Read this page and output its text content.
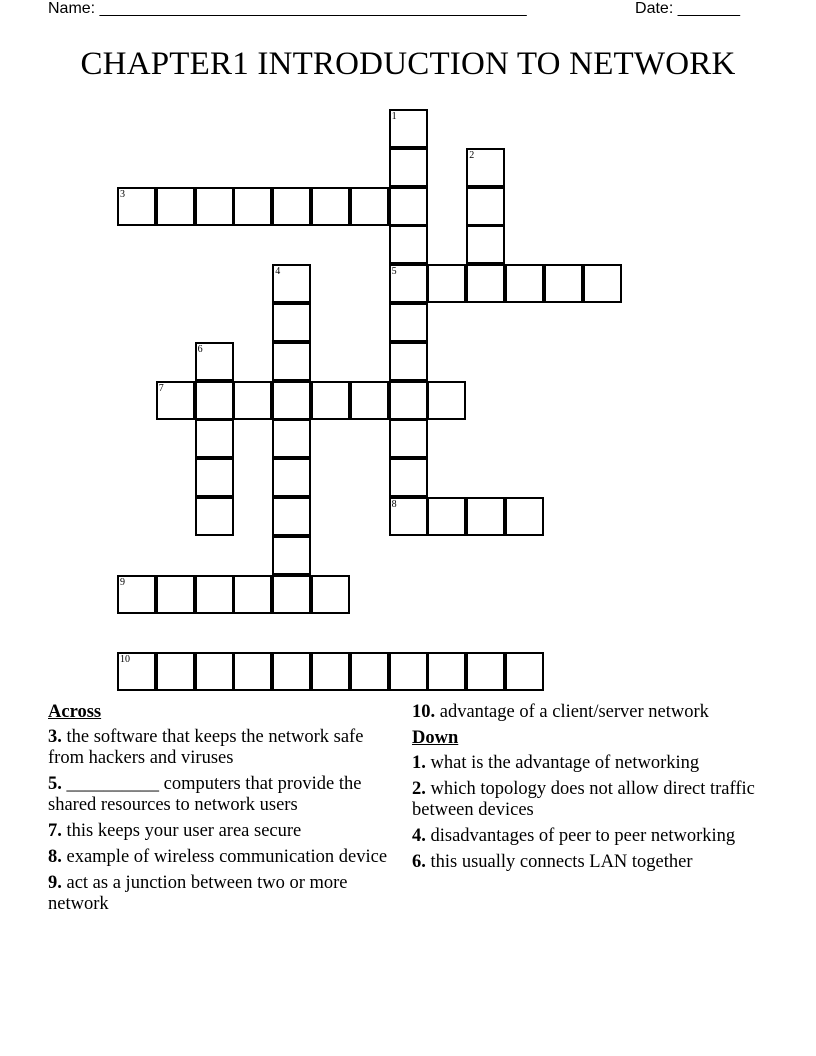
Name: ________________________________________________	Date: _______
CHAPTER1 INTRODUCTION TO NETWORK
1
5
8
2
3
4
6
7
9
10
Across
3. the software that keeps the network safe from hackers and viruses
5. __________ computers that provide the shared resources to network users
7. this keeps your user area secure
8. example of wireless communication device
9. act as a junction between two or more network
10. advantage of a client/server network
Down
1. what is the advantage of networking
2. which topology does not allow direct traffic between devices
4. disadvantages of peer to peer networking
6. this usually connects LAN together
